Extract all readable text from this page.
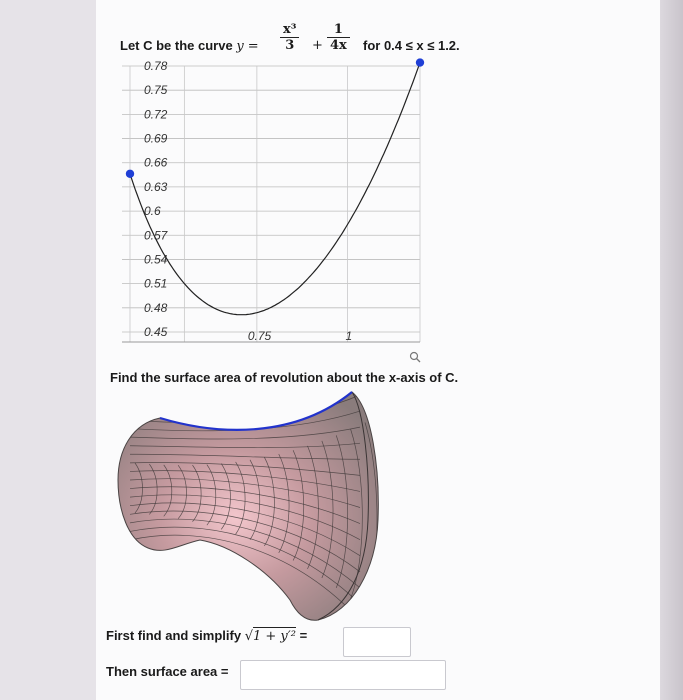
Let C be the curve $y = \frac{\text{x³}}{3} + \frac{1}{4x}$ for 0.4 ≤ x ≤ 1.2.
0.78
0.75
0.72
0.69
0.66
0.63
0.6
0.57
0.54
0.51
0.48
0.45	0.75	1
Find the surface area of revolution about the x-axis of C.
First find and simplify √1 + y′² =
Then surface area =
